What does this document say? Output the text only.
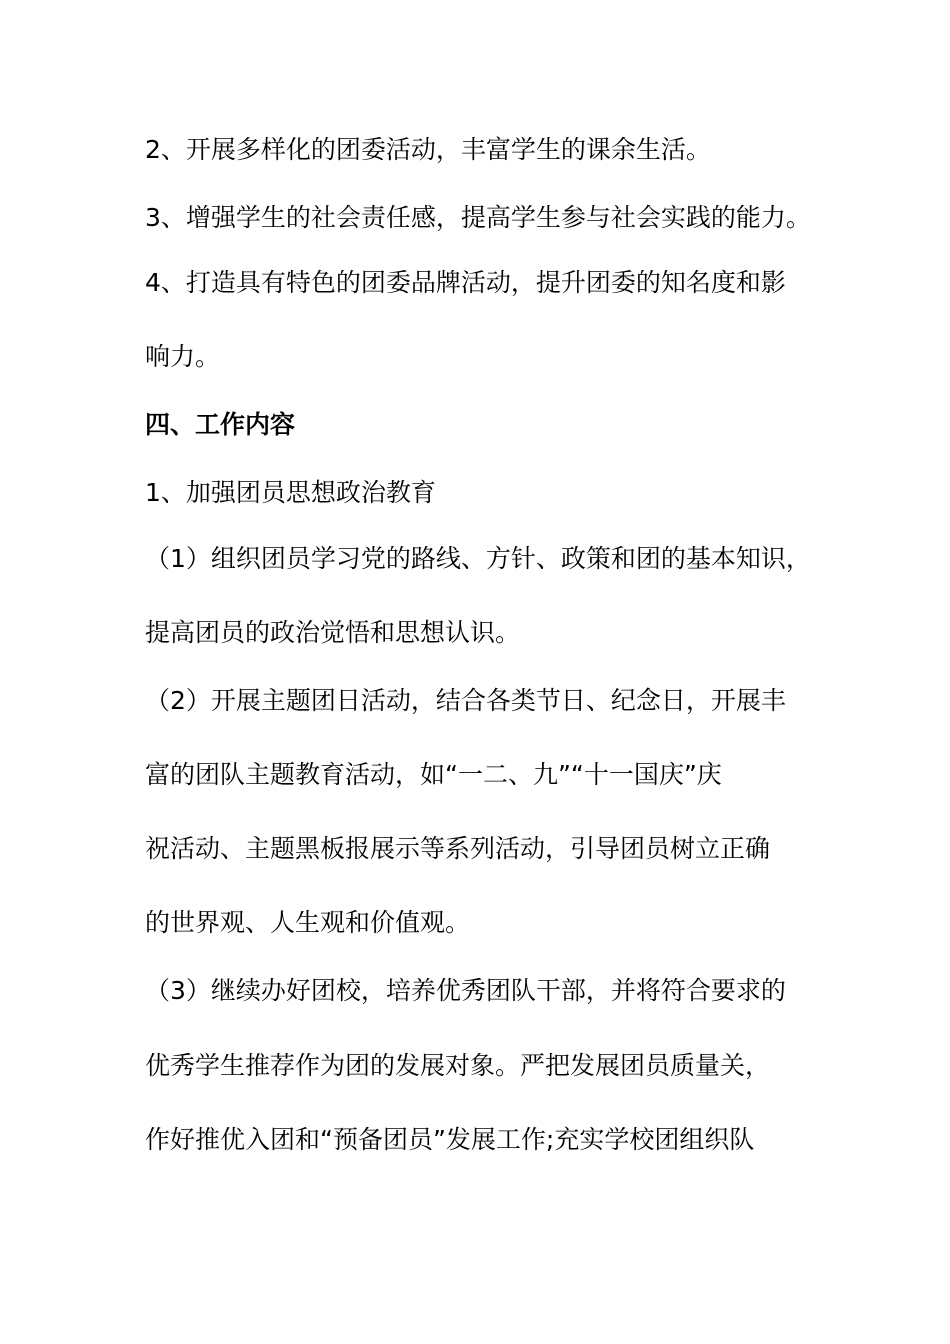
2、开展多样化的团委活动，丰富学生的课余生活。
3、增强学生的社会责任感，提高学生参与社会实践的能力。
4、打造具有特色的团委品牌活动，提升团委的知名度和影
响力。
四、工作内容
1、加强团员思想政治教育
（1）组织团员学习党的路线、方针、政策和团的基本知识，
提高团员的政治觉悟和思想认识。
（2）开展主题团日活动，结合各类节日、纪念日，开展丰
富的团队主题教育活动，如“一二、九”“十一国庆”庆
祝活动、主题黑板报展示等系列活动，引导团员树立正确
的世界观、人生观和价值观。
（3）继续办好团校，培养优秀团队干部，并将符合要求的
优秀学生推荐作为团的发展对象。严把发展团员质量关，
作好推优入团和“预备团员”发展工作;充实学校团组织队
